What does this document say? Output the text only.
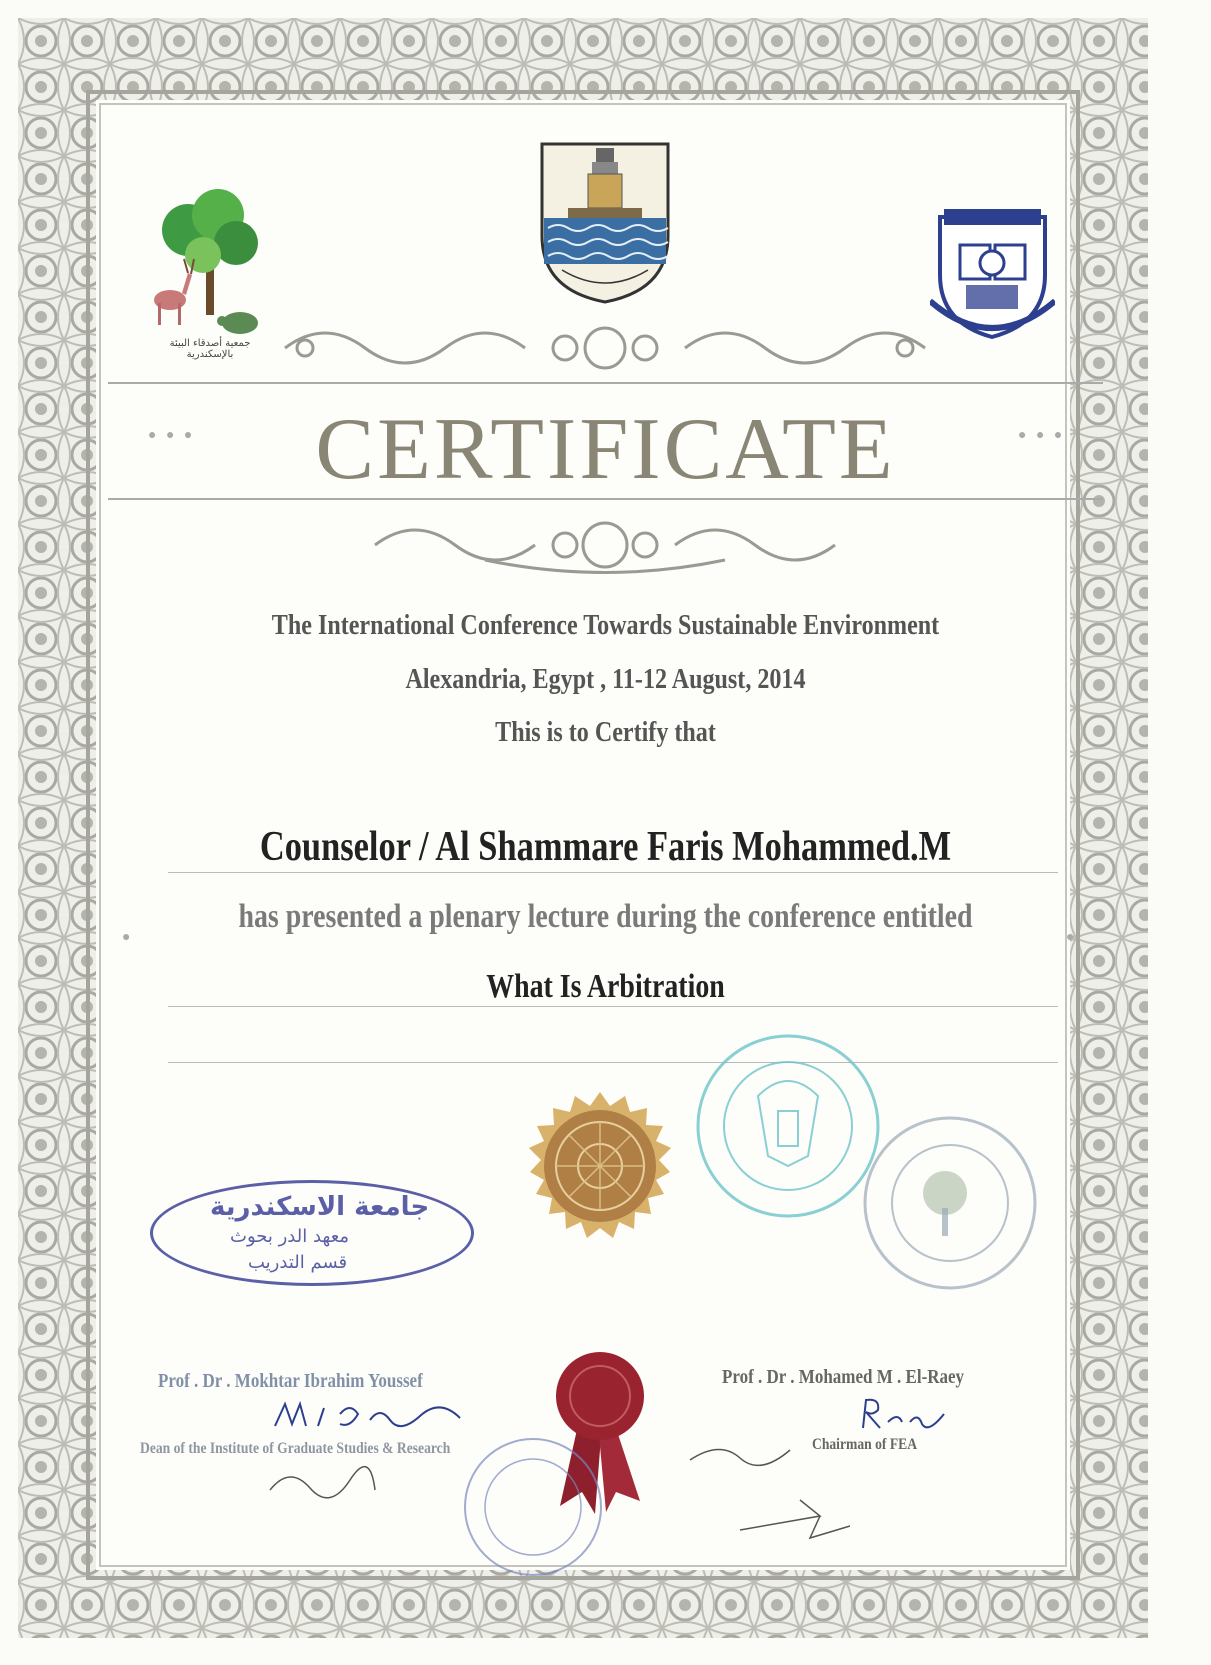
جمعية أصدقاء البيئة بالإسكندرية
● ● ●	● ● ●
CERTIFICATE
The International Conference Towards Sustainable Environment
Alexandria, Egypt , 11-12 August, 2014
This is to Certify that
Counselor / Al Shammare Faris Mohammed.M
●	●
has presented a plenary lecture during the conference entitled
What Is Arbitration
جامعة الاسكندرية
معهد الدر بحوث
قسم التدريب
Prof . Dr . Mokhtar Ibrahim Youssef
Dean of the Institute of Graduate Studies & Research
Prof . Dr . Mohamed M . El-Raey
Chairman of FEA
